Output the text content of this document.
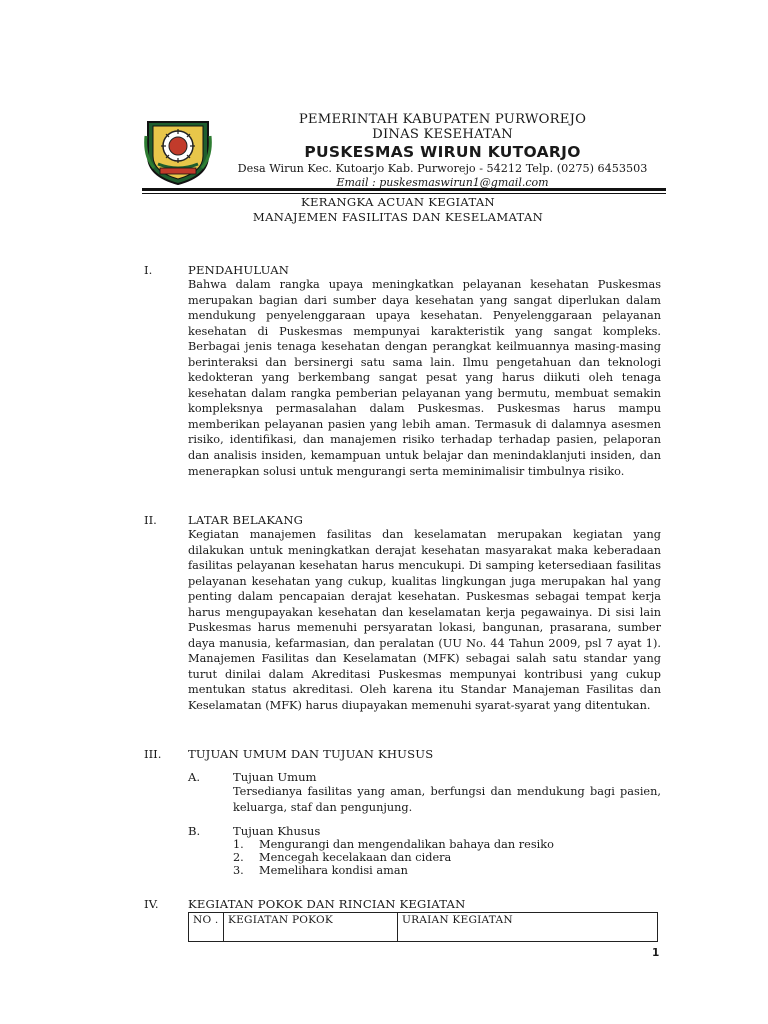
PEMERINTAH KABUPATEN PURWOREJO
DINAS KESEHATAN
PUSKESMAS WIRUN KUTOARJO
Desa Wirun Kec. Kutoarjo Kab. Purworejo - 54212 Telp. (0275) 6453503
Email : puskesmaswirun1@gmail.com
KERANGKA ACUAN KEGIATAN
MANAJEMEN FASILITAS DAN KESELAMATAN
I.	PENDAHULUAN
Bahwa dalam rangka upaya meningkatkan pelayanan kesehatan Puskesmas merupakan bagian dari sumber daya kesehatan yang sangat diperlukan dalam mendukung penyelenggaraan upaya kesehatan. Penyelenggaraan pelayanan kesehatan di Puskesmas mempunyai karakteristik yang sangat kompleks. Berbagai jenis tenaga kesehatan dengan perangkat keilmuannya masing-masing berinteraksi dan bersinergi satu sama lain. Ilmu pengetahuan dan teknologi kedokteran yang berkembang sangat pesat yang harus diikuti oleh tenaga kesehatan dalam rangka pemberian pelayanan yang bermutu, membuat semakin kompleksnya permasalahan dalam Puskesmas. Puskesmas harus mampu memberikan pelayanan pasien yang lebih aman. Termasuk di dalamnya asesmen risiko, identifikasi, dan manajemen risiko terhadap terhadap pasien, pelaporan dan analisis insiden, kemampuan untuk belajar dan menindaklanjuti insiden, dan menerapkan solusi untuk mengurangi serta meminimalisir timbulnya risiko.
II.	LATAR BELAKANG
Kegiatan manajemen fasilitas dan keselamatan merupakan kegiatan yang dilakukan untuk meningkatkan derajat kesehatan masyarakat maka keberadaan fasilitas pelayanan kesehatan harus mencukupi. Di samping ketersediaan fasilitas pelayanan kesehatan yang cukup, kualitas lingkungan juga merupakan hal yang penting dalam pencapaian derajat kesehatan. Puskesmas sebagai tempat kerja harus mengupayakan kesehatan dan keselamatan kerja pegawainya. Di sisi lain Puskesmas harus memenuhi persyaratan lokasi, bangunan, prasarana, sumber daya manusia, kefarmasian, dan peralatan (UU No. 44 Tahun 2009, psl 7 ayat 1). Manajemen Fasilitas dan Keselamatan (MFK) sebagai salah satu standar yang turut dinilai dalam Akreditasi Puskesmas mempunyai kontribusi yang cukup mentukan status akreditasi. Oleh karena itu Standar Manajeman Fasilitas dan Keselamatan (MFK) harus diupayakan memenuhi syarat-syarat yang ditentukan.
III. TUJUAN UMUM DAN TUJUAN KHUSUS
A.	Tujuan Umum
Tersedianya fasilitas yang aman, berfungsi dan mendukung bagi pasien, keluarga, staf dan pengunjung.
B.	Tujuan Khusus
1. Mengurangi dan mengendalikan bahaya dan resiko
2. Mencegah kecelakaan dan cidera
3. Memelihara kondisi aman
IV.	KEGIATAN POKOK DAN RINCIAN KEGIATAN
NO .	KEGIATAN POKOK	URAIAN KEGIATAN
1
